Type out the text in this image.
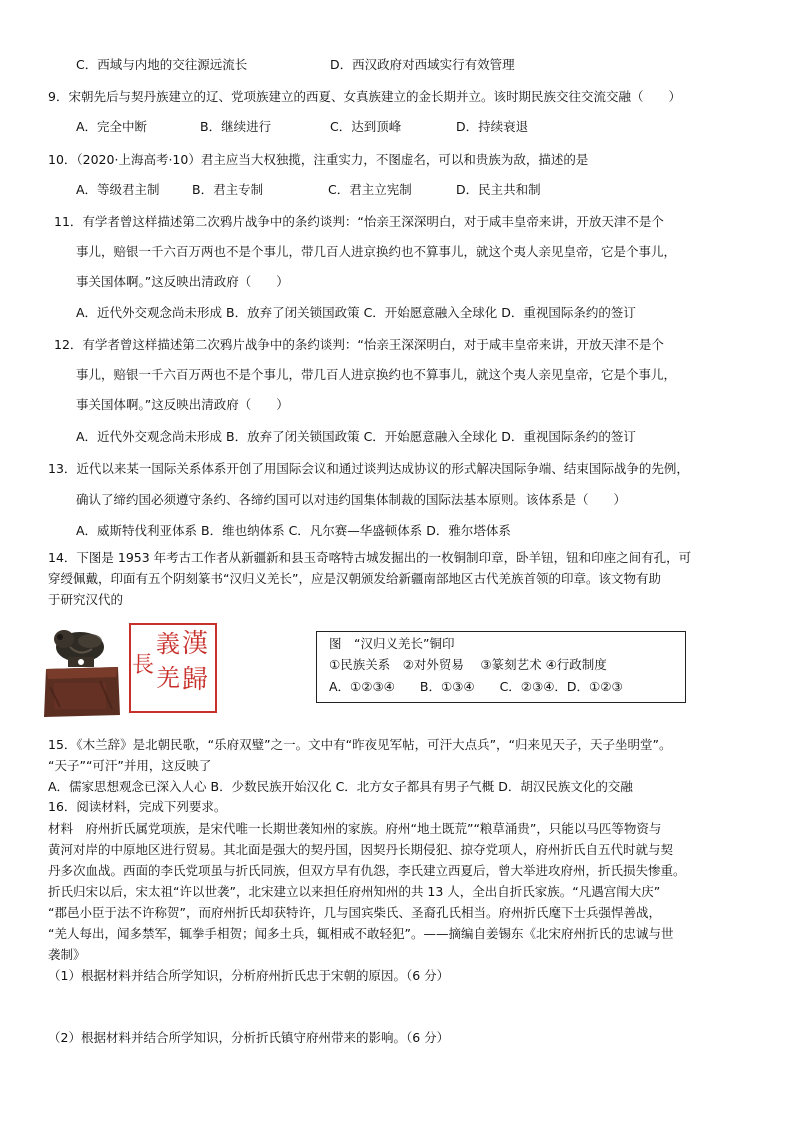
C．西域与内地的交往源远流长	D．西汉政府对西域实行有效管理
9．宋朝先后与契丹族建立的辽、党项族建立的西夏、女真族建立的金长期并立。该时期民族交往交流交融（　　）
A．完全中断	B．继续进行	C．达到顶峰	D．持续衰退
10．（2020·上海高考·10）君主应当大权独揽，注重实力，不图虚名，可以和贵族为敌，描述的是
A．等级君主制	B．君主专制	C．君主立宪制	D．民主共和制
11．有学者曾这样描述第二次鸦片战争中的条约谈判：“怡亲王深深明白，对于咸丰皇帝来讲，开放天津不是个
事儿，赔银一千六百万两也不是个事儿，带几百人进京换约也不算事儿，就这个夷人亲见皇帝，它是个事儿，
事关国体啊。”这反映出清政府（　　）
A．近代外交观念尚未形成 B．放弃了闭关锁国政策 C．开始愿意融入全球化 D．重视国际条约的签订
12．有学者曾这样描述第二次鸦片战争中的条约谈判：“怡亲王深深明白，对于咸丰皇帝来讲，开放天津不是个
事儿，赔银一千六百万两也不是个事儿，带几百人进京换约也不算事儿，就这个夷人亲见皇帝，它是个事儿，
事关国体啊。”这反映出清政府（　　）
A．近代外交观念尚未形成 B．放弃了闭关锁国政策 C．开始愿意融入全球化 D．重视国际条约的签订
13．近代以来某一国际关系体系开创了用国际会议和通过谈判达成协议的形式解决国际争端、结束国际战争的先例，
确认了缔约国必须遵守条约、各缔约国可以对违约国集体制裁的国际法基本原则。该体系是（　　）
A．威斯特伐利亚体系 B．维也纳体系 C．凡尔赛—华盛顿体系 D．雅尔塔体系
14．下图是 1953 年考古工作者从新疆新和县玉奇喀特古城发掘出的一枚铜制印章，卧羊钮，钮和印座之间有孔，可
穿绶佩戴，印面有五个阴刻篆书“汉归义羌长”，应是汉朝颁发给新疆南部地区古代羌族首领的印章。该文物有助
于研究汉代的
漢
歸
義
羌
長
图　“汉归义羌长”铜印
①民族关系　②对外贸易　 ③篆刻艺术 ④行政制度
A．①②③④　　B．①③④　　C．②③④．D．①②③
15．《木兰辞》是北朝民歌，“乐府双璧”之一。文中有“昨夜见军帖，可汗大点兵”，“归来见天子，天子坐明堂”。
“天子”“可汗”并用，这反映了
A．儒家思想观念已深入人心 B．少数民族开始汉化 C．北方女子都具有男子气概 D．胡汉民族文化的交融
16．阅读材料，完成下列要求。
材料　府州折氏属党项族，是宋代唯一长期世袭知州的家族。府州“地土既荒”“粮草涌贵”，只能以马匹等物资与
黄河对岸的中原地区进行贸易。其北面是强大的契丹国，因契丹长期侵犯、掠夺党项人，府州折氏自五代时就与契
丹多次血战。西面的李氏党项虽与折氏同族，但双方早有仇怨，李氏建立西夏后，曾大举进攻府州，折氏损失惨重。
折氏归宋以后，宋太祖“许以世袭”，北宋建立以来担任府州知州的共 13 人，全出自折氏家族。“凡遇宫闱大庆”
“郡邑小臣于法不许称贺”，而府州折氏却获特许，几与国宾柴氏、圣裔孔氏相当。府州折氏麾下士兵强悍善战，
“羌人每出，闻多禁军，辄拳手相贺；闻多土兵，辄相戒不敢轻犯”。——摘编自姜锡东《北宋府州折氏的忠诚与世
袭制》
（1）根据材料并结合所学知识，分析府州折氏忠于宋朝的原因。（6 分）
（2）根据材料并结合所学知识，分析折氏镇守府州带来的影响。（6 分）
